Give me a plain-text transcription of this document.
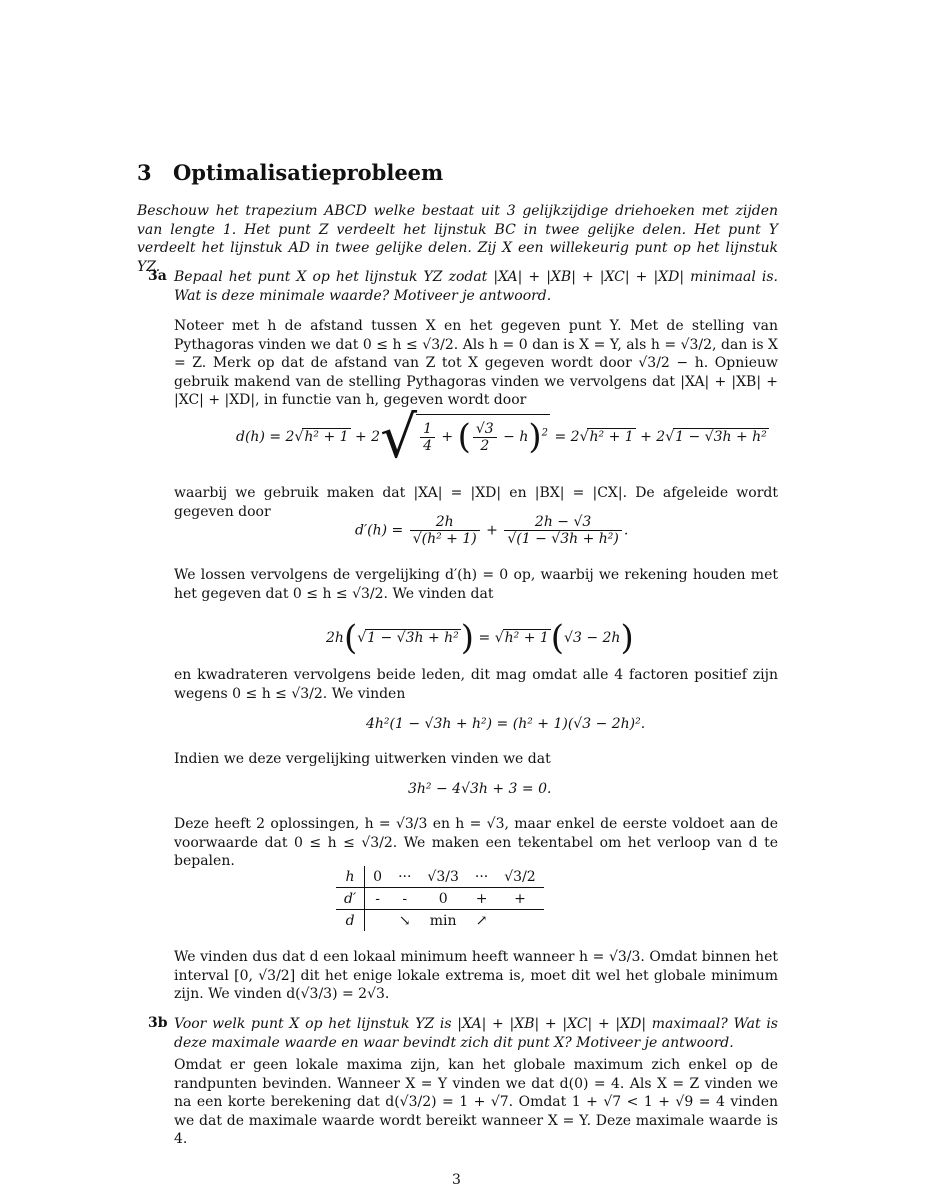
3 Optimalisatieprobleem
Beschouw het trapezium ABCD welke bestaat uit 3 gelijkzijdige driehoeken met zijden van lengte 1. Het punt Z verdeelt het lijnstuk BC in twee gelijke delen. Het punt Y verdeelt het lijnstuk AD in twee gelijke delen. Zij X een willekeurig punt op het lijnstuk YZ.
3a Bepaal het punt X op het lijnstuk YZ zodat |XA| + |XB| + |XC| + |XD| minimaal is. Wat is deze minimale waarde? Motiveer je antwoord.
Noteer met h de afstand tussen X en het gegeven punt Y. Met de stelling van Pythagoras vinden we dat 0 ≤ h ≤ √3/2. Als h = 0 dan is X = Y, als h = √3/2, dan is X = Z. Merk op dat de afstand van Z tot X gegeven wordt door √3/2 − h. Opnieuw gebruik makend van de stelling Pythagoras vinden we vervolgens dat |XA| + |XB| + |XC| + |XD|, in functie van h, gegeven wordt door
$d(h) = 2√h^2 + 1 + 2√ \frac{1}{4}$ + ( $\frac{√3}{2} - h)^2 = 2√h^2 + 1 + 2√1 - √3h + h^2$
waarbij we gebruik maken dat |XA| = |XD| en |BX| = |CX|. De afgeleide wordt gegeven door
$d'(h) = \frac{2h}{\text{√(h² + 1)}} + \frac{2h - √3}{\text{√(1 − √3h + h²)}}$ .
We lossen vervolgens de vergelijking d′(h) = 0 op, waarbij we rekening houden met het gegeven dat 0 ≤ h ≤ √3/2. We vinden dat
2h(√1 − √3h + h²) = √h² + 1(√3 − 2h)
en kwadrateren vervolgens beide leden, dit mag omdat alle 4 factoren positief zijn wegens 0 ≤ h ≤ √3/2. We vinden
4h²(1 − √3h + h²) = (h² + 1)(√3 − 2h)².
Indien we deze vergelijking uitwerken vinden we dat
3h² − 4√3h + 3 = 0.
Deze heeft 2 oplossingen, h = √3/3 en h = √3, maar enkel de eerste voldoet aan de voorwaarde dat 0 ≤ h ≤ √3/2. We maken een tekentabel om het verloop van d te bepalen.
h	0	···	√3/3	···	√3/2
d′	-	-	0	+	+
d		↘	min	↗	
We vinden dus dat d een lokaal minimum heeft wanneer h = √3/3. Omdat binnen het interval [0, √3/2] dit het enige lokale extrema is, moet dit wel het globale minimum zijn. We vinden d(√3/3) = 2√3.
3b Voor welk punt X op het lijnstuk YZ is |XA| + |XB| + |XC| + |XD| maximaal? Wat is deze maximale waarde en waar bevindt zich dit punt X? Motiveer je antwoord.
Omdat er geen lokale maxima zijn, kan het globale maximum zich enkel op de randpunten bevinden. Wanneer X = Y vinden we dat d(0) = 4. Als X = Z vinden we na een korte berekening dat d(√3/2) = 1 + √7. Omdat 1 + √7 < 1 + √9 = 4 vinden we dat de maximale waarde wordt bereikt wanneer X = Y. Deze maximale waarde is 4.
3
